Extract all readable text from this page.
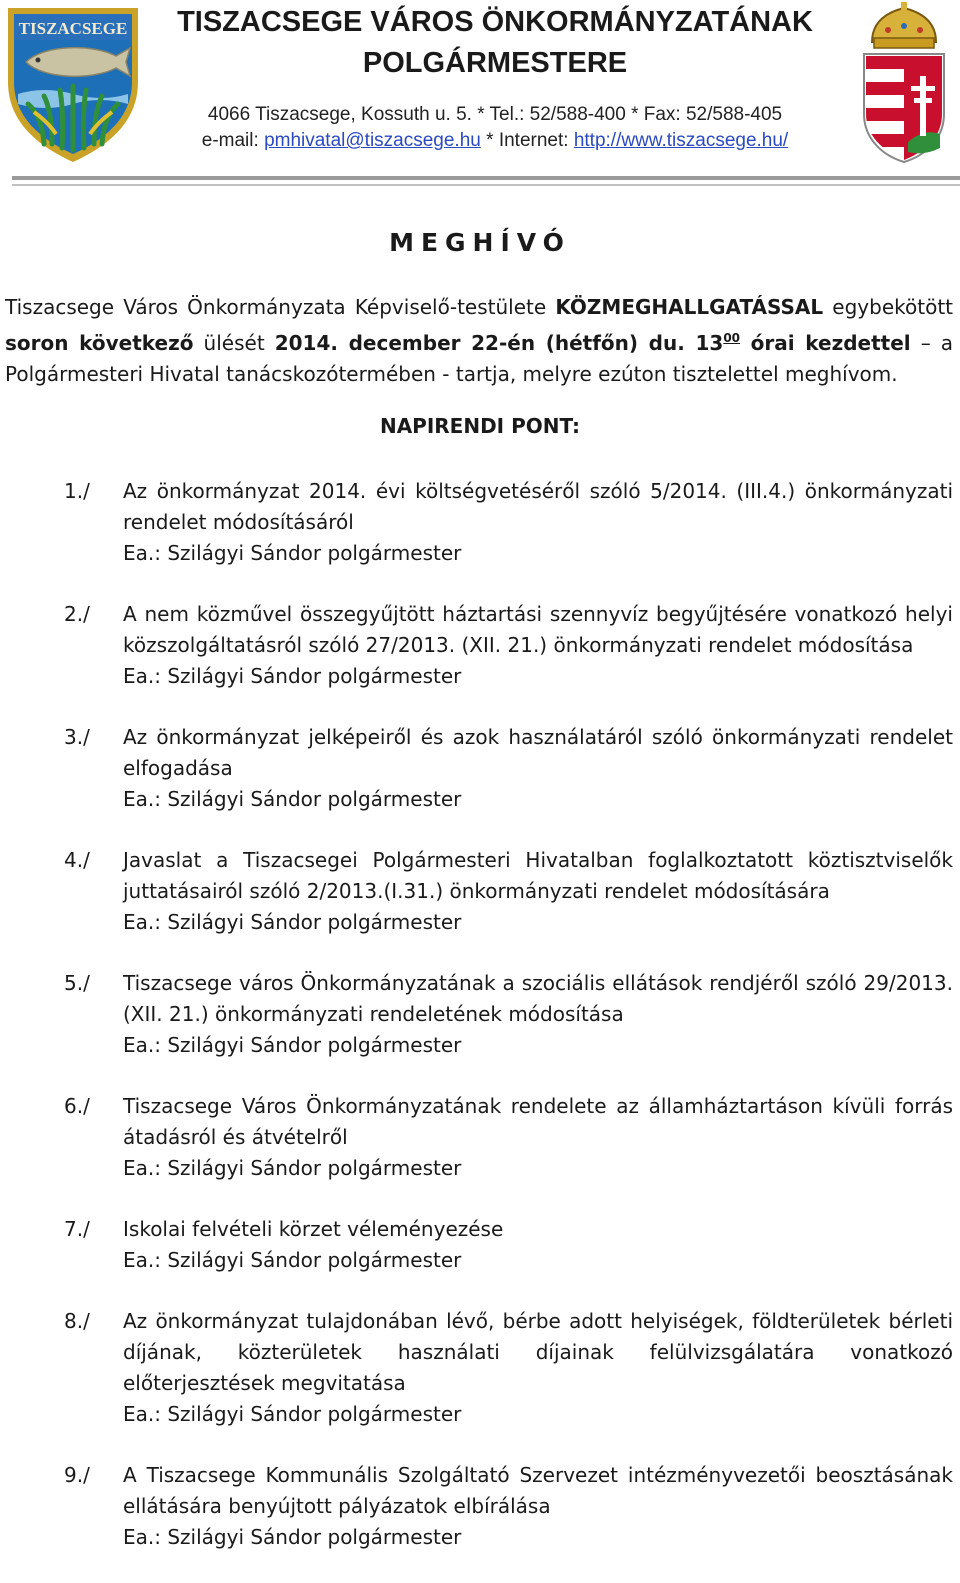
TISZACSEGE	TISZACSEGE VÁROS ÖNKORMÁNYZATÁNAK
POLGÁRMESTERE
4066 Tiszacsege, Kossuth u. 5. * Tel.: 52/588-400 * Fax: 52/588-405
e-mail: pmhivatal@tiszacsege.hu * Internet: http://www.tiszacsege.hu/
MEGHÍVÓ
Tiszacsege Város Önkormányzata Képviselő-testülete KÖZMEGHALLGATÁSSAL egybekötött soron következő ülését 2014. december 22-én (hétfőn) du. $13^{00}$ órai kezdettel – a Polgármesteri Hivatal tanácskozótermében - tartja, melyre ezúton tisztelettel meghívom.
NAPIRENDI PONT:
1./ Az önkormányzat 2014. évi költségvetéséről szóló 5/2014. (III.4.) önkormányzati rendelet módosításáról
Ea.: Szilágyi Sándor polgármester
2./ A nem közművel összegyűjtött háztartási szennyvíz begyűjtésére vonatkozó helyi közszolgáltatásról szóló 27/2013. (XII. 21.) önkormányzati rendelet módosítása
Ea.: Szilágyi Sándor polgármester
3./ Az önkormányzat jelképeiről és azok használatáról szóló önkormányzati rendelet elfogadása
Ea.: Szilágyi Sándor polgármester
4./ Javaslat a Tiszacsegei Polgármesteri Hivatalban foglalkoztatott köztisztviselők juttatásairól szóló 2/2013.(I.31.) önkormányzati rendelet módosítására
Ea.: Szilágyi Sándor polgármester
5./ Tiszacsege város Önkormányzatának a szociális ellátások rendjéről szóló 29/2013.(XII. 21.) önkormányzati rendeletének módosítása
Ea.: Szilágyi Sándor polgármester
6./ Tiszacsege Város Önkormányzatának rendelete az államháztartáson kívüli forrás átadásról és átvételről
Ea.: Szilágyi Sándor polgármester
7./ Iskolai felvételi körzet véleményezése
Ea.: Szilágyi Sándor polgármester
8./ Az önkormányzat tulajdonában lévő, bérbe adott helyiségek, földterületek bérleti díjának, közterületek használati díjainak felülvizsgálatára vonatkozó előterjesztések megvitatása
Ea.: Szilágyi Sándor polgármester
9./ A Tiszacsege Kommunális Szolgáltató Szervezet intézményvezetői beosztásának ellátására benyújtott pályázatok elbírálása
Ea.: Szilágyi Sándor polgármester
